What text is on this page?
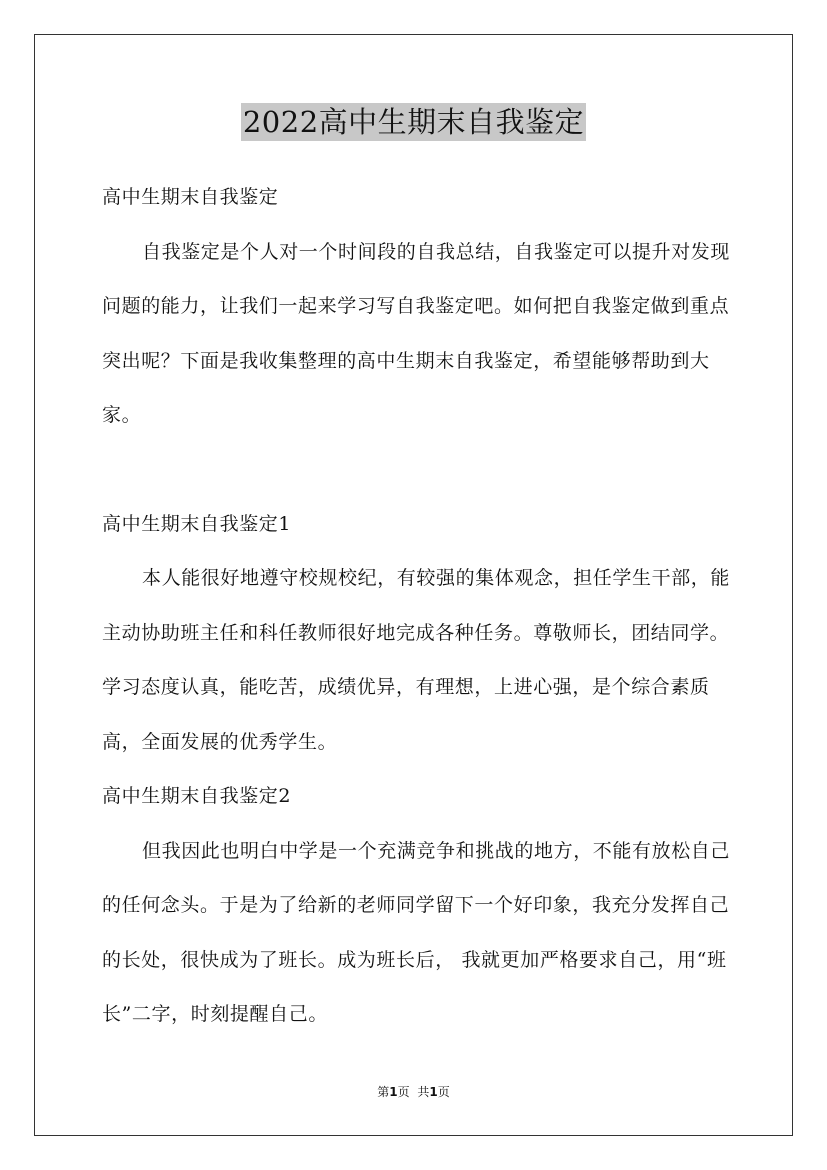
2022高中生期末自我鉴定

高中生期末自我鉴定

自我鉴定是个人对一个时间段的自我总结，自我鉴定可以提升对发现问题的能力，让我们一起来学习写自我鉴定吧。如何把自我鉴定做到重点突出呢？下面是我收集整理的高中生期末自我鉴定，希望能够帮助到大家。

高中生期末自我鉴定1

本人能很好地遵守校规校纪，有较强的集体观念，担任学生干部，能主动协助班主任和科任教师很好地完成各种任务。尊敬师长，团结同学。学习态度认真，能吃苦，成绩优异，有理想，上进心强，是个综合素质高，全面发展的优秀学生。

高中生期末自我鉴定2

但我因此也明白中学是一个充满竞争和挑战的地方，不能有放松自己的任何念头。于是为了给新的老师同学留下一个好印象，我充分发挥自己的长处，很快成为了班长。成为班长后， 我就更加严格要求自己，用“班长”二字，时刻提醒自己。

第1页 共1页
